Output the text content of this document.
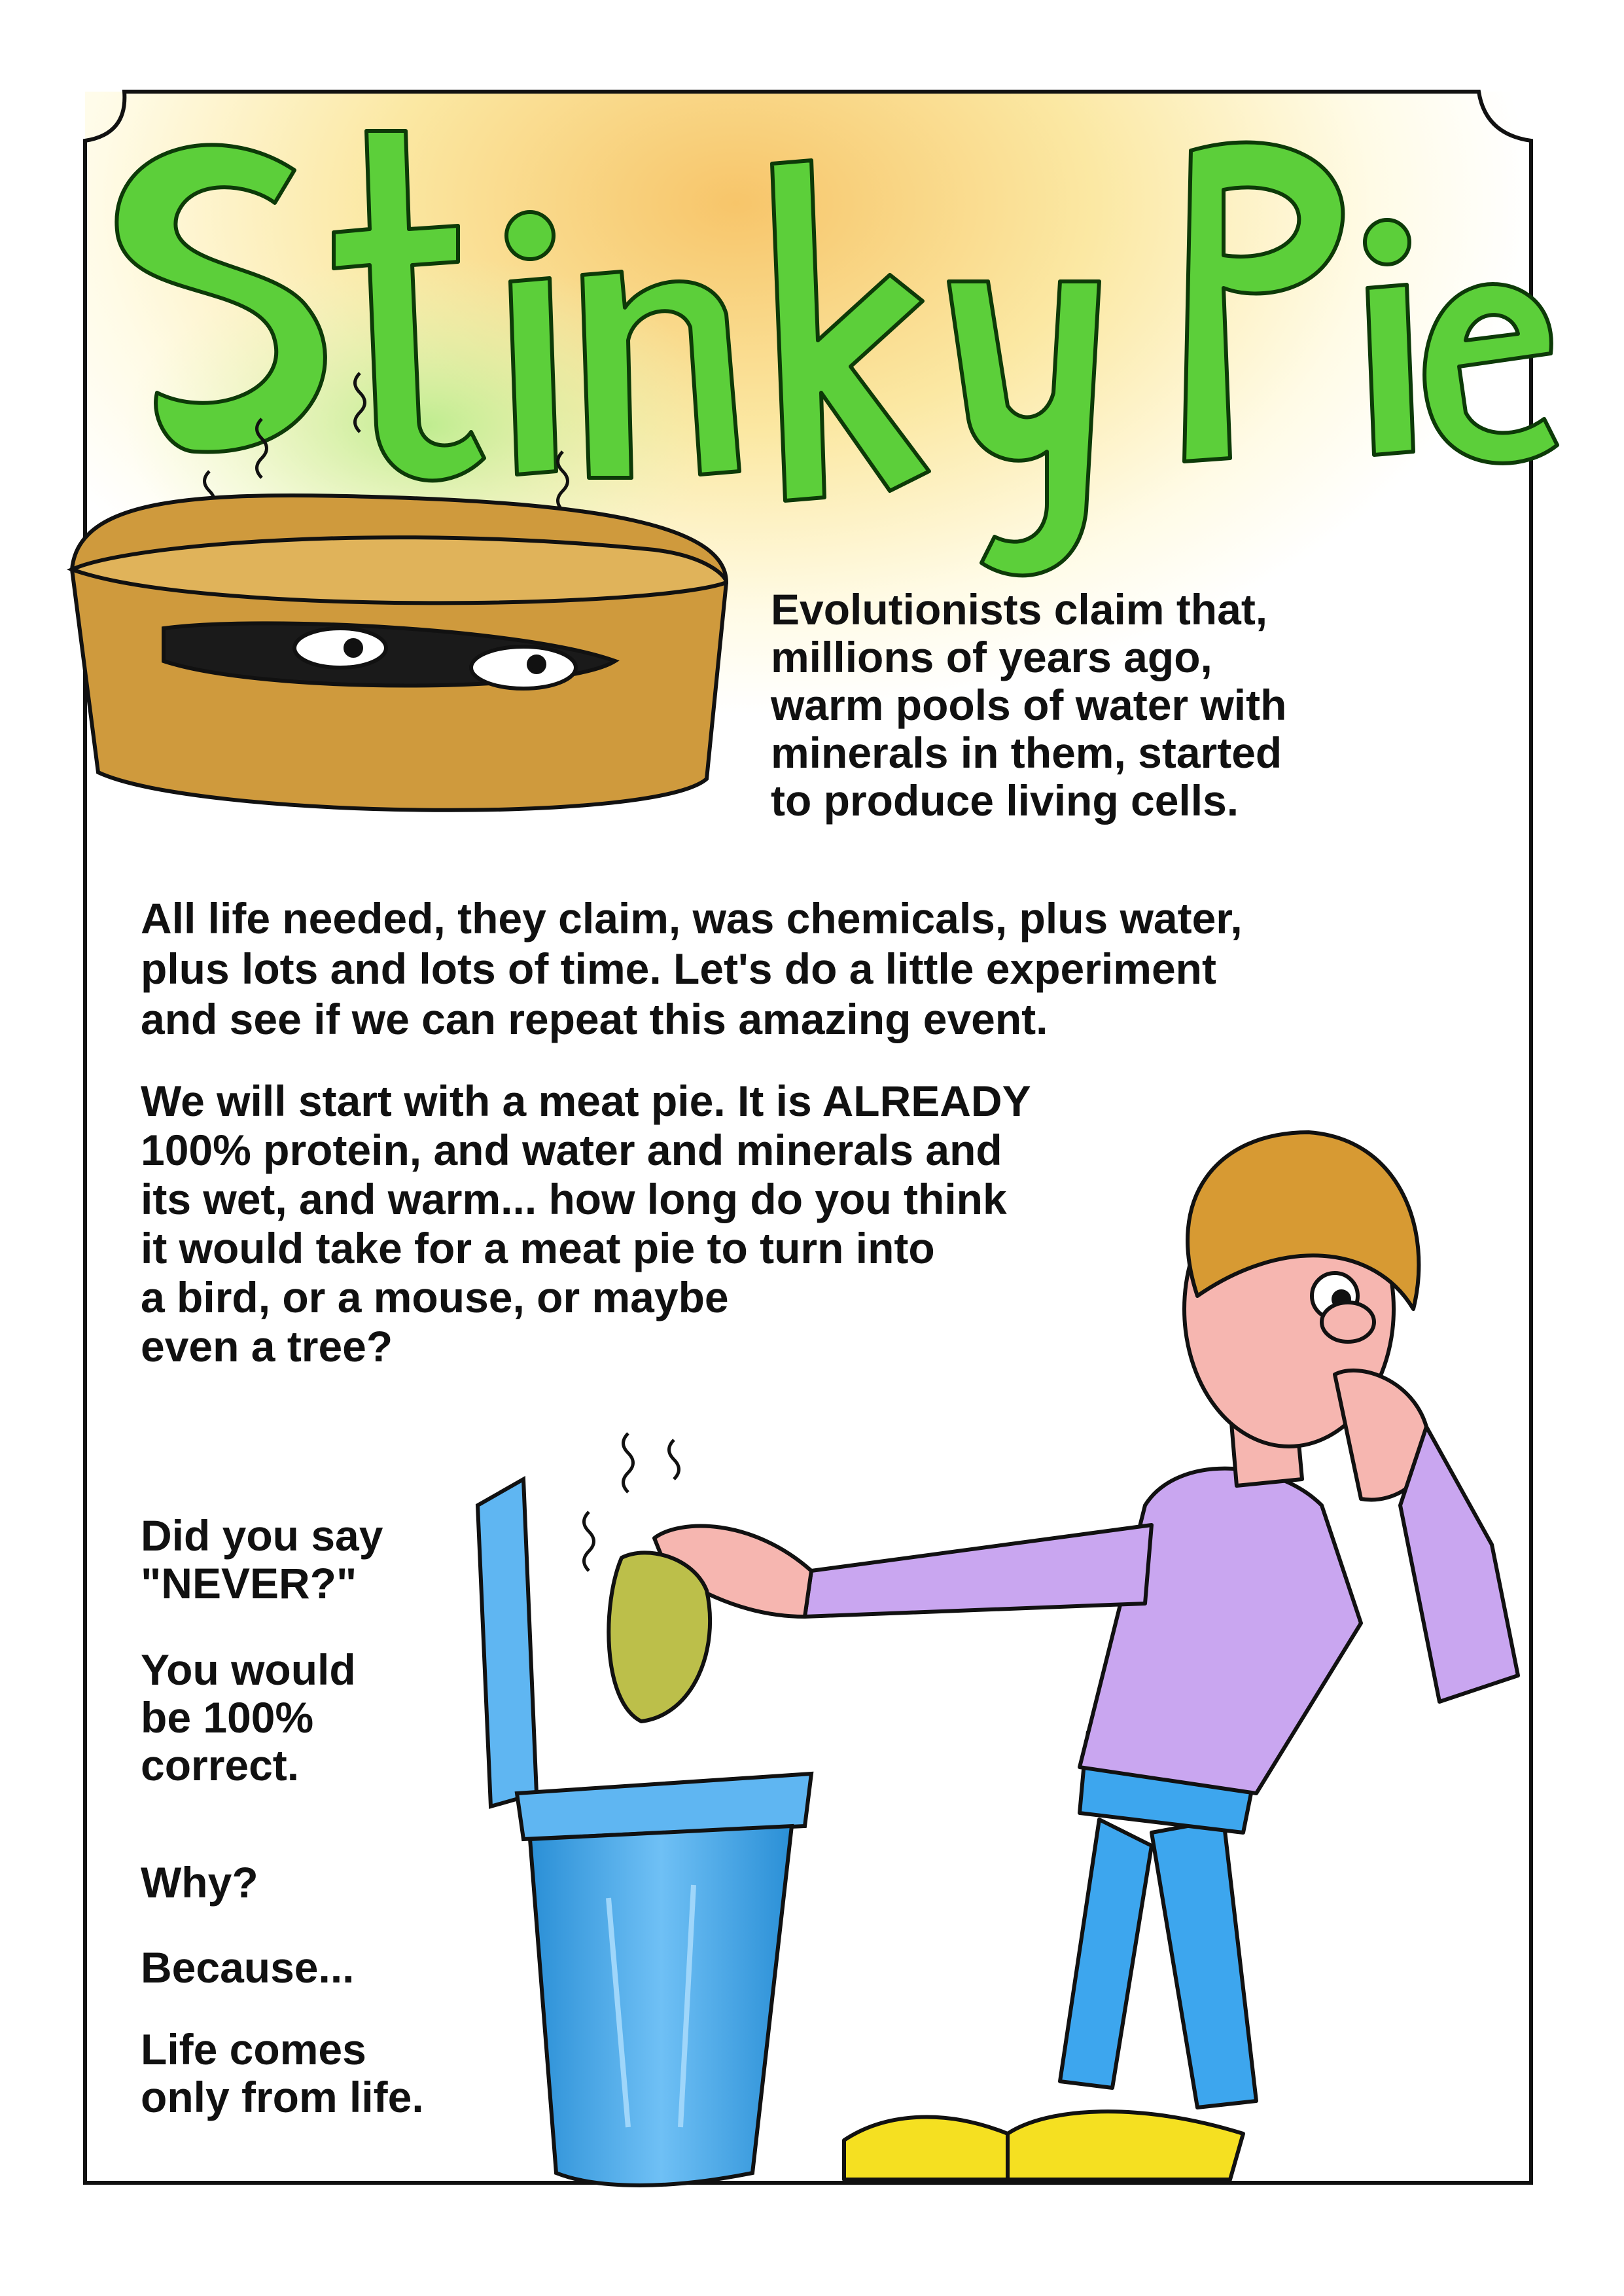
Evolutionists claim that,
millions of years ago,
warm pools of water with
minerals in them, started
to produce living cells.
All life needed, they claim, was chemicals, plus water,
plus lots and lots of time. Let's do a little experiment
and see if we can repeat this amazing event.
We will start with a meat pie. It is ALREADY
100% protein, and water and minerals and
its wet, and warm... how long do you think
it would take for a meat pie to turn into
a bird, or a mouse, or maybe
even a tree?
Did you say
"NEVER?"
You would
be 100%
correct.
Why?
Because...
Life comes
only from life.
